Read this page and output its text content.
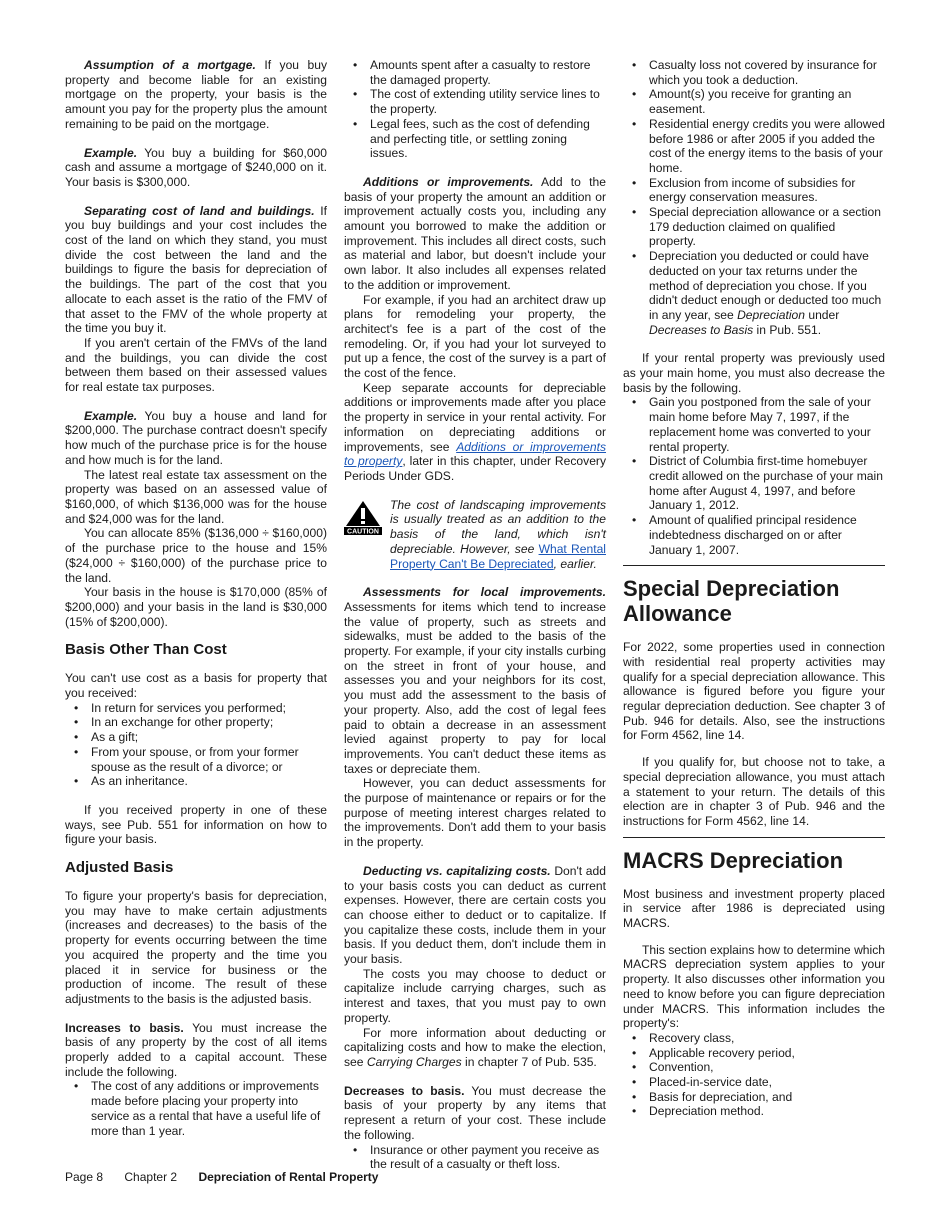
Assumption of a mortgage. If you buy property and become liable for an existing mortgage on the property, your basis is the amount you pay for the property plus the amount remaining to be paid on the mortgage.

Example. You buy a building for $60,000 cash and assume a mortgage of $240,000 on it. Your basis is $300,000.

Separating cost of land and buildings. If you buy buildings and your cost includes the cost of the land on which they stand, you must divide the cost between the land and the buildings to figure the basis for depreciation of the buildings. The part of the cost that you allocate to each asset is the ratio of the FMV of that asset to the FMV of the whole property at the time you buy it.

If you aren't certain of the FMVs of the land and the buildings, you can divide the cost between them based on their assessed values for real estate tax purposes.

Example. You buy a house and land for $200,000. The purchase contract doesn't specify how much of the purchase price is for the house and how much is for the land.

The latest real estate tax assessment on the property was based on an assessed value of $160,000, of which $136,000 was for the house and $24,000 was for the land.

You can allocate 85% ($136,000 ÷ $160,000) of the purchase price to the house and 15% ($24,000 ÷ $160,000) of the purchase price to the land.

Your basis in the house is $170,000 (85% of $200,000) and your basis in the land is $30,000 (15% of $200,000).

Basis Other Than Cost

You can't use cost as a basis for property that you received:

• In return for services you performed;
• In an exchange for other property;
• As a gift;
• From your spouse, or from your former spouse as the result of a divorce; or
• As an inheritance.

If you received property in one of these ways, see Pub. 551 for information on how to figure your basis.

Adjusted Basis

To figure your property's basis for depreciation, you may have to make certain adjustments (increases and decreases) to the basis of the property for events occurring between the time you acquired the property and the time you placed it in service for business or the production of income. The result of these adjustments to the basis is the adjusted basis.

Increases to basis. You must increase the basis of any property by the cost of all items properly added to a capital account. These include the following.

• The cost of any additions or improvements made before placing your property into service as a rental that have a useful life of more than 1 year.
• Amounts spent after a casualty to restore the damaged property.
• The cost of extending utility service lines to the property.
• Legal fees, such as the cost of defending and perfecting title, or settling zoning issues.

Additions or improvements. Add to the basis of your property the amount an addition or improvement actually costs you, including any amount you borrowed to make the addition or improvement. This includes all direct costs, such as material and labor, but doesn't include your own labor. It also includes all expenses related to the addition or improvement.

For example, if you had an architect draw up plans for remodeling your property, the architect's fee is a part of the cost of the remodeling. Or, if you had your lot surveyed to put up a fence, the cost of the survey is a part of the cost of the fence.

Keep separate accounts for depreciable additions or improvements made after you place the property in service in your rental activity. For information on depreciating additions or improvements, see Additions or improvements to property, later in this chapter, under Recovery Periods Under GDS.

CAUTION
The cost of landscaping improvements is usually treated as an addition to the basis of the land, which isn't depreciable. However, see What Rental Property Can't Be Depreciated, earlier.

Assessments for local improvements. Assessments for items which tend to increase the value of property, such as streets and sidewalks, must be added to the basis of the property. For example, if your city installs curbing on the street in front of your house, and assesses you and your neighbors for its cost, you must add the assessment to the basis of your property. Also, add the cost of legal fees paid to obtain a decrease in an assessment levied against property to pay for local improvements. You can't deduct these items as taxes or depreciate them.

However, you can deduct assessments for the purpose of maintenance or repairs or for the purpose of meeting interest charges related to the improvements. Don't add them to your basis in the property.

Deducting vs. capitalizing costs. Don't add to your basis costs you can deduct as current expenses. However, there are certain costs you can choose either to deduct or to capitalize. If you capitalize these costs, include them in your basis. If you deduct them, don't include them in your basis.

The costs you may choose to deduct or capitalize include carrying charges, such as interest and taxes, that you must pay to own property.

For more information about deducting or capitalizing costs and how to make the election, see Carrying Charges in chapter 7 of Pub. 535.

Decreases to basis. You must decrease the basis of your property by any items that represent a return of your cost. These include the following.

• Insurance or other payment you receive as the result of a casualty or theft loss.
• Casualty loss not covered by insurance for which you took a deduction.
• Amount(s) you receive for granting an easement.
• Residential energy credits you were allowed before 1986 or after 2005 if you added the cost of the energy items to the basis of your home.
• Exclusion from income of subsidies for energy conservation measures.
• Special depreciation allowance or a section 179 deduction claimed on qualified property.
• Depreciation you deducted or could have deducted on your tax returns under the method of depreciation you chose. If you didn't deduct enough or deducted too much in any year, see Depreciation under Decreases to Basis in Pub. 551.

If your rental property was previously used as your main home, you must also decrease the basis by the following.

• Gain you postponed from the sale of your main home before May 7, 1997, if the replacement home was converted to your rental property.
• District of Columbia first-time homebuyer credit allowed on the purchase of your main home after August 4, 1997, and before January 1, 2012.
• Amount of qualified principal residence indebtedness discharged on or after January 1, 2007.
Special Depreciation Allowance

For 2022, some properties used in connection with residential real property activities may qualify for a special depreciation allowance. This allowance is figured before you figure your regular depreciation deduction. See chapter 3 of Pub. 946 for details. Also, see the instructions for Form 4562, line 14.

If you qualify for, but choose not to take, a special depreciation allowance, you must attach a statement to your return. The details of this election are in chapter 3 of Pub. 946 and the instructions for Form 4562, line 14.

MACRS Depreciation

Most business and investment property placed in service after 1986 is depreciated using MACRS.

This section explains how to determine which MACRS depreciation system applies to your property. It also discusses other information you need to know before you can figure depreciation under MACRS. This information includes the property's:

• Recovery class,
• Applicable recovery period,
• Convention,
• Placed-in-service date,
• Basis for depreciation, and
• Depreciation method.
Page 8 Chapter 2 Depreciation of Rental Property
